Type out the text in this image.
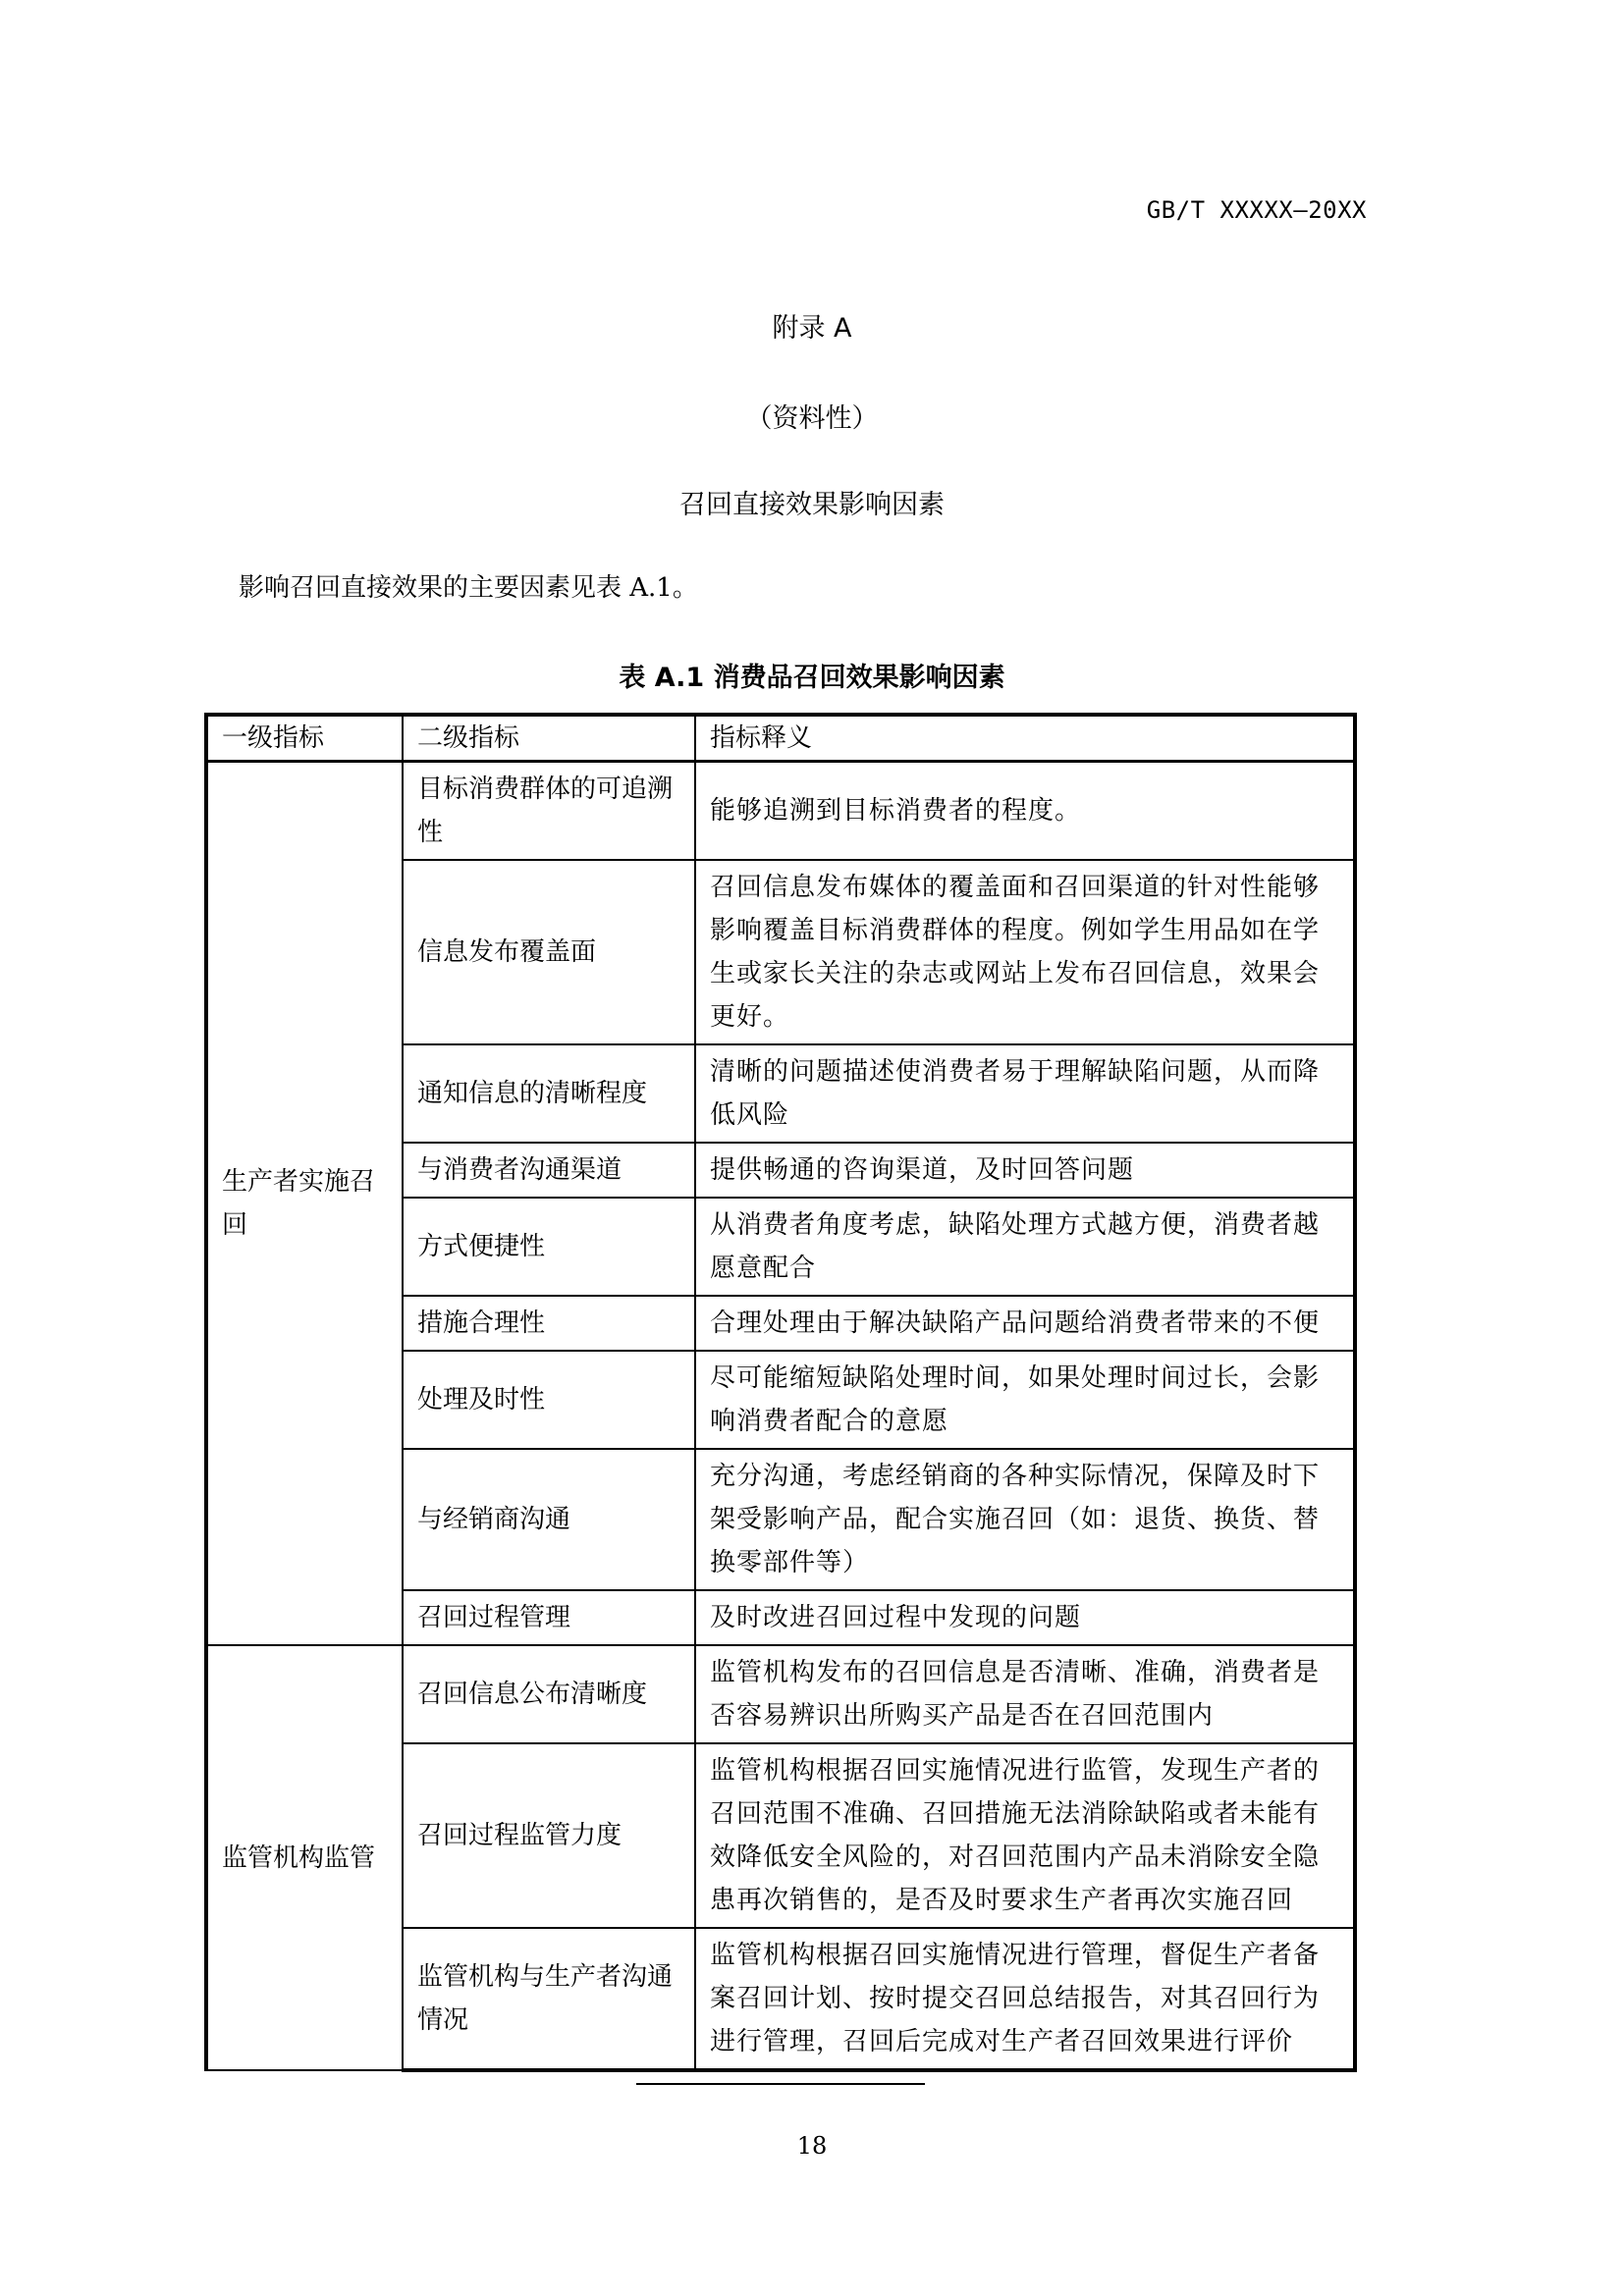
GB/T XXXXX—20XX
附录 A
（资料性）
召回直接效果影响因素
影响召回直接效果的主要因素见表 A.1。
表 A.1 消费品召回效果影响因素
一级指标	二级指标	指标释义
生产者实施召回	目标消费群体的可追溯性	能够追溯到目标消费者的程度。
	信息发布覆盖面	召回信息发布媒体的覆盖面和召回渠道的针对性能够影响覆盖目标消费群体的程度。例如学生用品如在学生或家长关注的杂志或网站上发布召回信息，效果会更好。
	通知信息的清晰程度	清晰的问题描述使消费者易于理解缺陷问题，从而降低风险
	与消费者沟通渠道	提供畅通的咨询渠道，及时回答问题
	方式便捷性	从消费者角度考虑，缺陷处理方式越方便，消费者越愿意配合
	措施合理性	合理处理由于解决缺陷产品问题给消费者带来的不便
	处理及时性	尽可能缩短缺陷处理时间，如果处理时间过长，会影响消费者配合的意愿
	与经销商沟通	充分沟通，考虑经销商的各种实际情况，保障及时下架受影响产品，配合实施召回（如：退货、换货、替换零部件等）
	召回过程管理	及时改进召回过程中发现的问题
监管机构监管	召回信息公布清晰度	监管机构发布的召回信息是否清晰、准确，消费者是否容易辨识出所购买产品是否在召回范围内
	召回过程监管力度	监管机构根据召回实施情况进行监管，发现生产者的召回范围不准确、召回措施无法消除缺陷或者未能有效降低安全风险的，对召回范围内产品未消除安全隐患再次销售的，是否及时要求生产者再次实施召回
	监管机构与生产者沟通情况	监管机构根据召回实施情况进行管理，督促生产者备案召回计划、按时提交召回总结报告，对其召回行为进行管理，召回后完成对生产者召回效果进行评价
18
